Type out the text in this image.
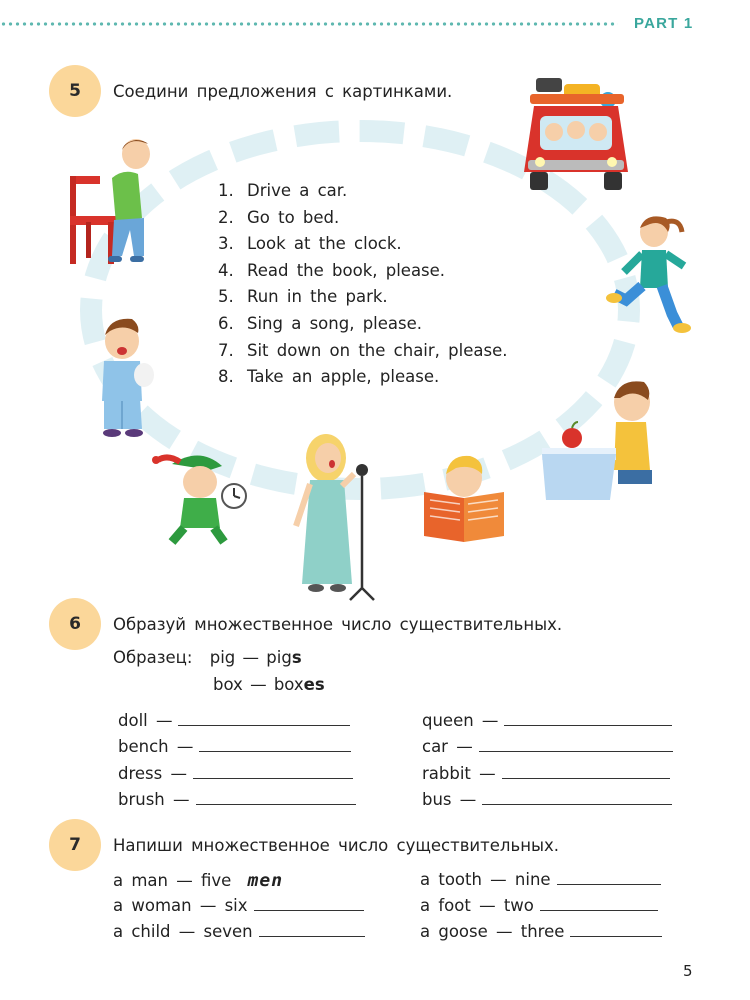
PART 1
5	Соедини предложения с картинками.
1. Drive a car.
2. Go to bed.
3. Look at the clock.
4. Read the book, please.
5. Run in the park.
6. Sing a song, please.
7. Sit down on the chair, please.
8. Take an apple, please.
6	Образуй множественное число существительных.
Образец: pig — pigs
box — boxes
doll —
bench —
dress —
brush —
queen —
car —
rabbit —
bus —
7	Напиши множественное число существительных.
a man — five men
a woman — six
a child — seven
a tooth — nine
a foot — two
a goose — three
5
